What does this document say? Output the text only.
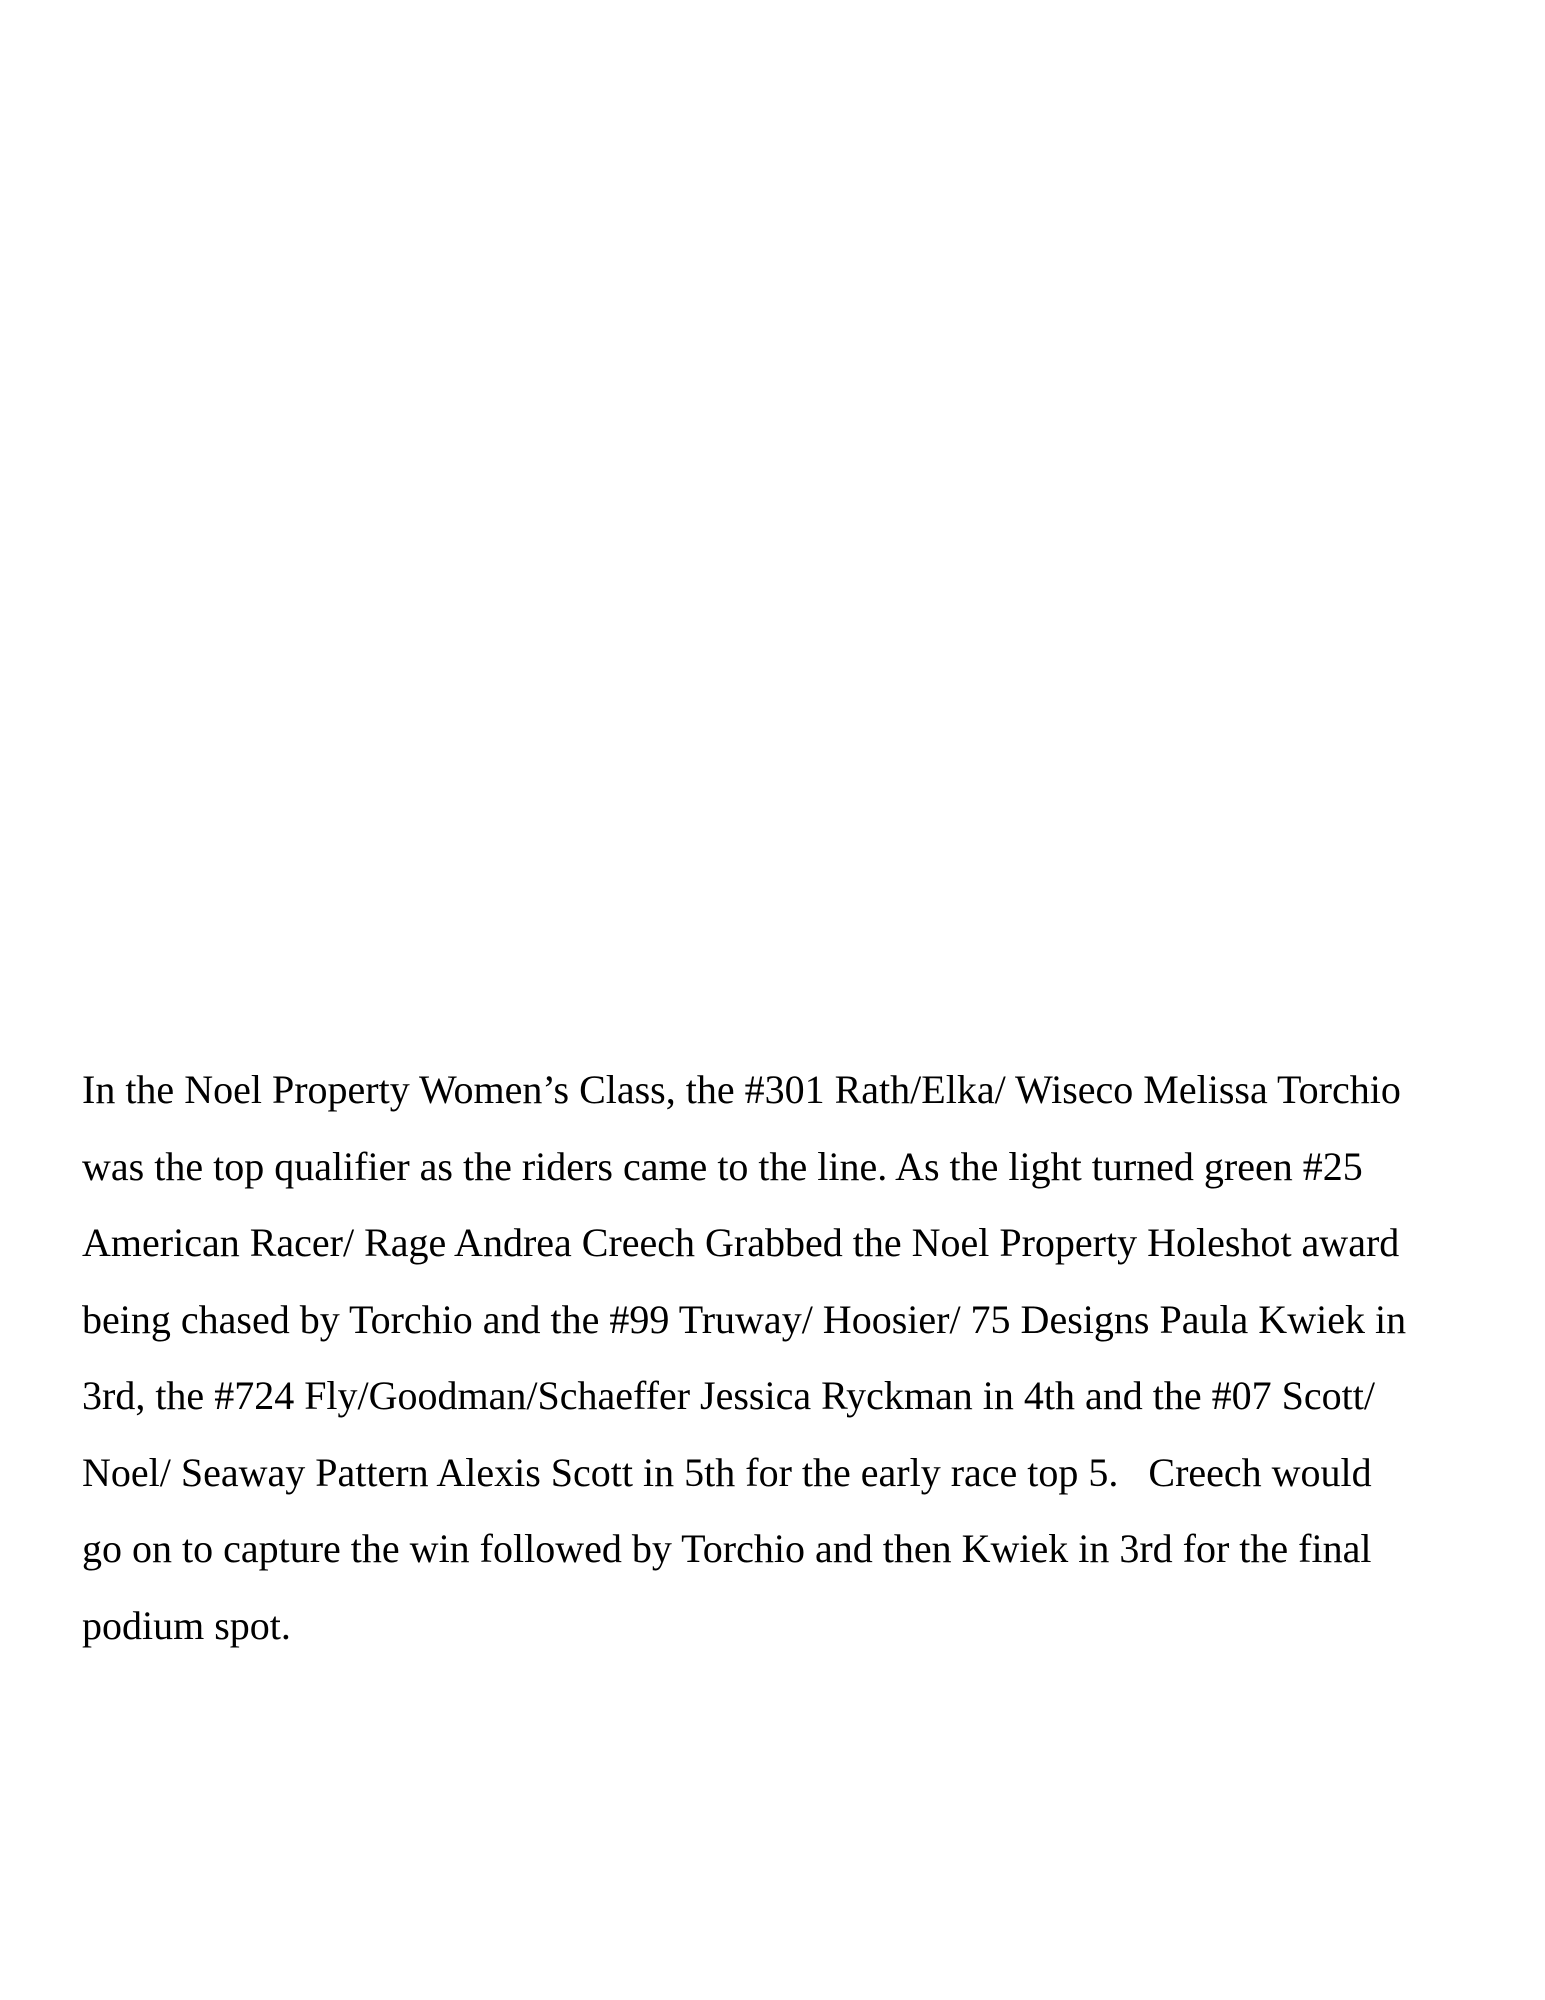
In the Noel Property Women’s Class, the #301 Rath/Elka/ Wiseco Melissa Torchio
was the top qualifier as the riders came to the line. As the light turned green #25
American Racer/ Rage Andrea Creech Grabbed the Noel Property Holeshot award
being chased by Torchio and the #99 Truway/ Hoosier/ 75 Designs Paula Kwiek in
3rd, the #724 Fly/Goodman/Schaeffer Jessica Ryckman in 4th and the #07 Scott/
Noel/ Seaway Pattern Alexis Scott in 5th for the early race top 5.   Creech would
go on to capture the win followed by Torchio and then Kwiek in 3rd for the final
podium spot.
